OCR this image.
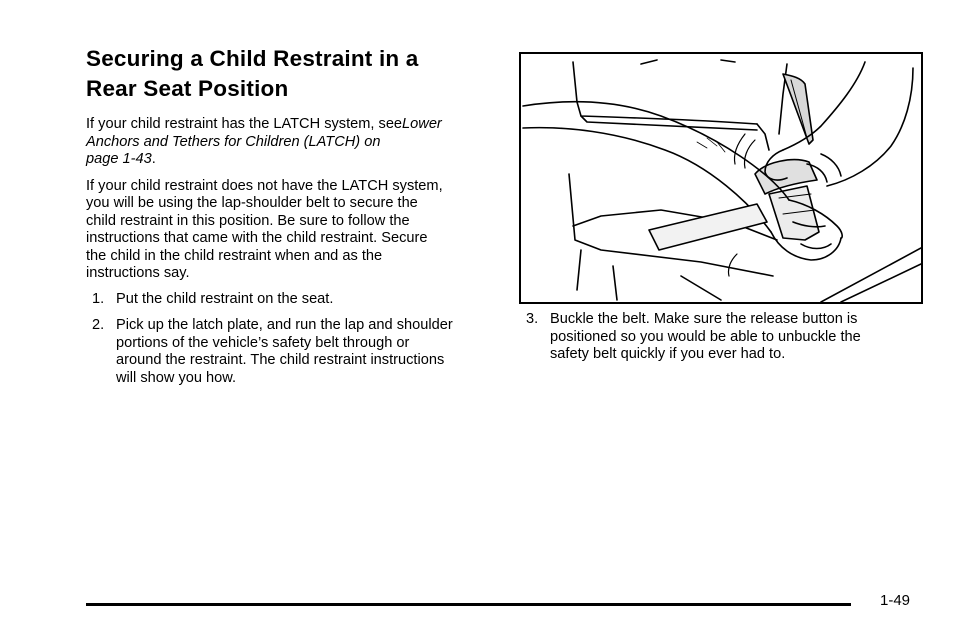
Securing a Child Restraint in a
Rear Seat Position

If your child restraint has the LATCH system, seeLower
Anchors and Tethers for Children (LATCH) on
page 1-43.

If your child restraint does not have the LATCH system,
you will be using the lap-shoulder belt to secure the
child restraint in this position. Be sure to follow the
instructions that came with the child restraint. Secure
the child in the child restraint when and as the
instructions say.

1. Put the child restraint on the seat.
2. Pick up the latch plate, and run the lap and shoulder
portions of the vehicle’s safety belt through or
around the restraint. The child restraint instructions
will show you how.
3. Buckle the belt. Make sure the release button is
positioned so you would be able to unbuckle the
safety belt quickly if you ever had to.
1-49
